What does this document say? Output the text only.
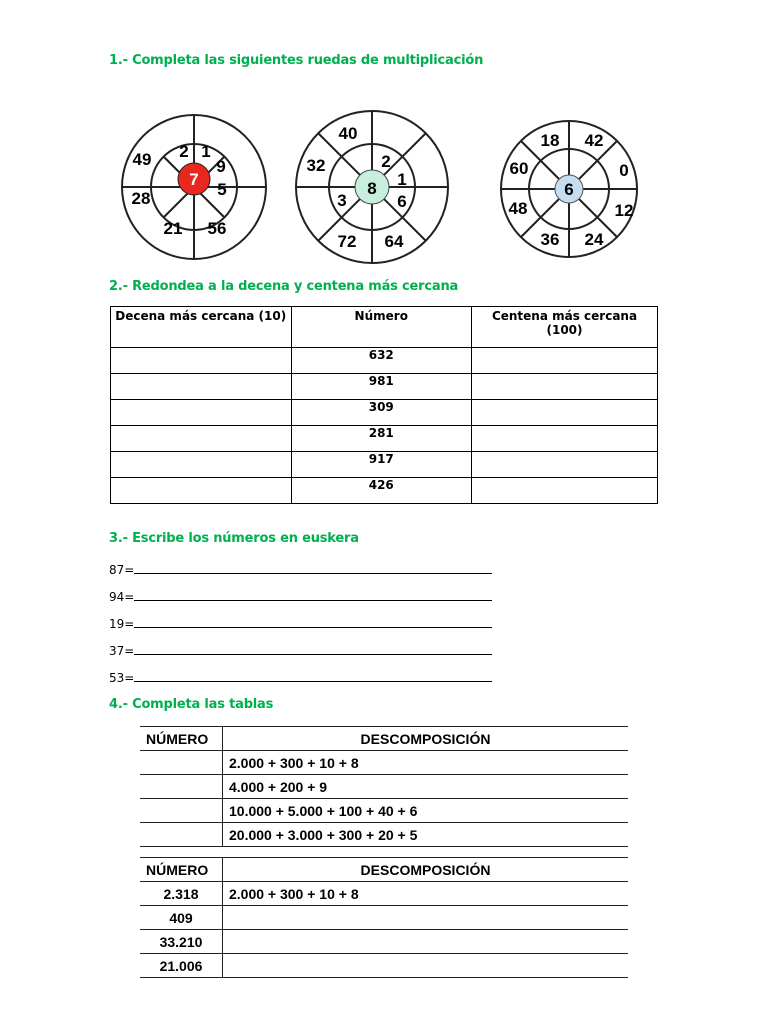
1.- Completa las siguientes ruedas de multiplicación
7
2 1
9
5
49
28
21 56
8
2
1
6
3
40
32
72 64
6
18 42
60	0
48	12
36 24
2.- Redondea a la decena y centena más cercana
Decena más cercana (10)	Número	Centena más cercana (100)
	632	
	981	
	309	
	281	
	917	
	426	
3.- Escribe los números en euskera
87=
94=
19=
37=
53=
4.- Completa las tablas
NÚMERO	DESCOMPOSICIÓN
	2.000 + 300 + 10 + 8
	4.000 + 200 + 9
	10.000 + 5.000 + 100 + 40 + 6
	20.000 + 3.000 + 300 + 20 + 5
NÚMERO	DESCOMPOSICIÓN
2.318	2.000 + 300 + 10 + 8
409	
33.210	
21.006	
